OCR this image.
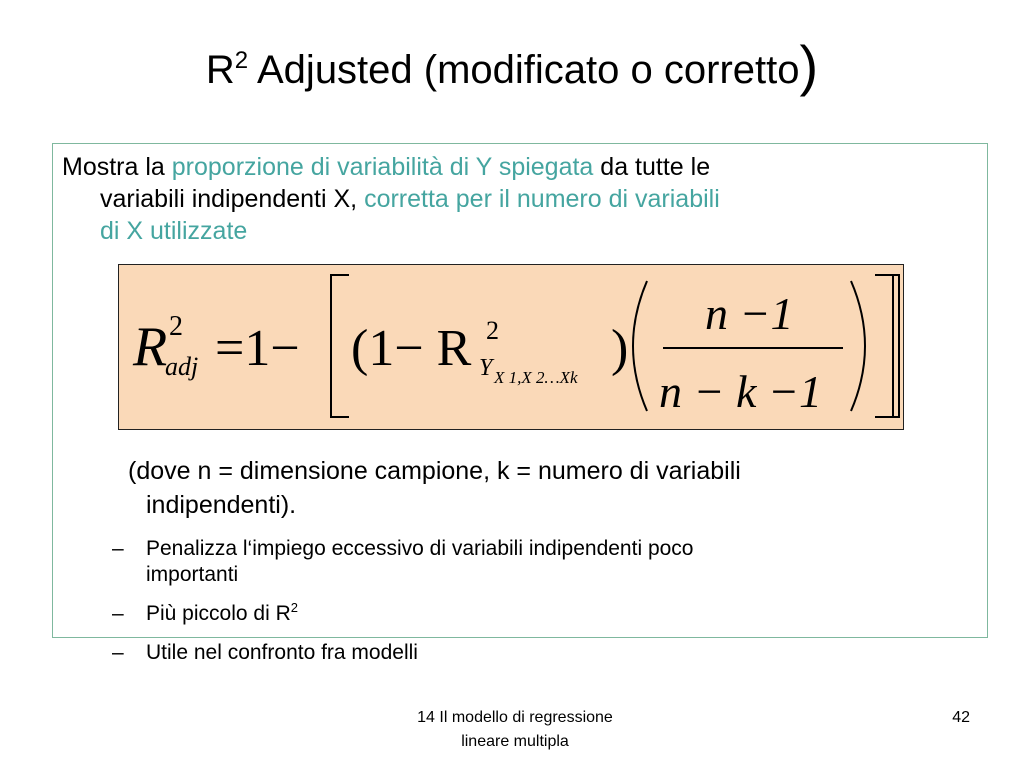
$R^2$ Adjusted (modificato o corretto)
Mostra la proporzione di variabilità di Y spiegata da tutte le
variabili indipendenti X, corretta per il numero di variabili
di X utilizzate
R 2
adj =1− (1− R 2
Y X 1,X 2…Xk
)
n −1
n − k −1
(dove n = dimensione campione, k = numero di variabili
indipendenti).
–	Penalizza l‘impiego eccessivo di variabili indipendenti poco
importanti
–	Più piccolo di $R^2$
–	Utile nel confronto fra modelli
14 Il modello di regressione
lineare multipla
42
